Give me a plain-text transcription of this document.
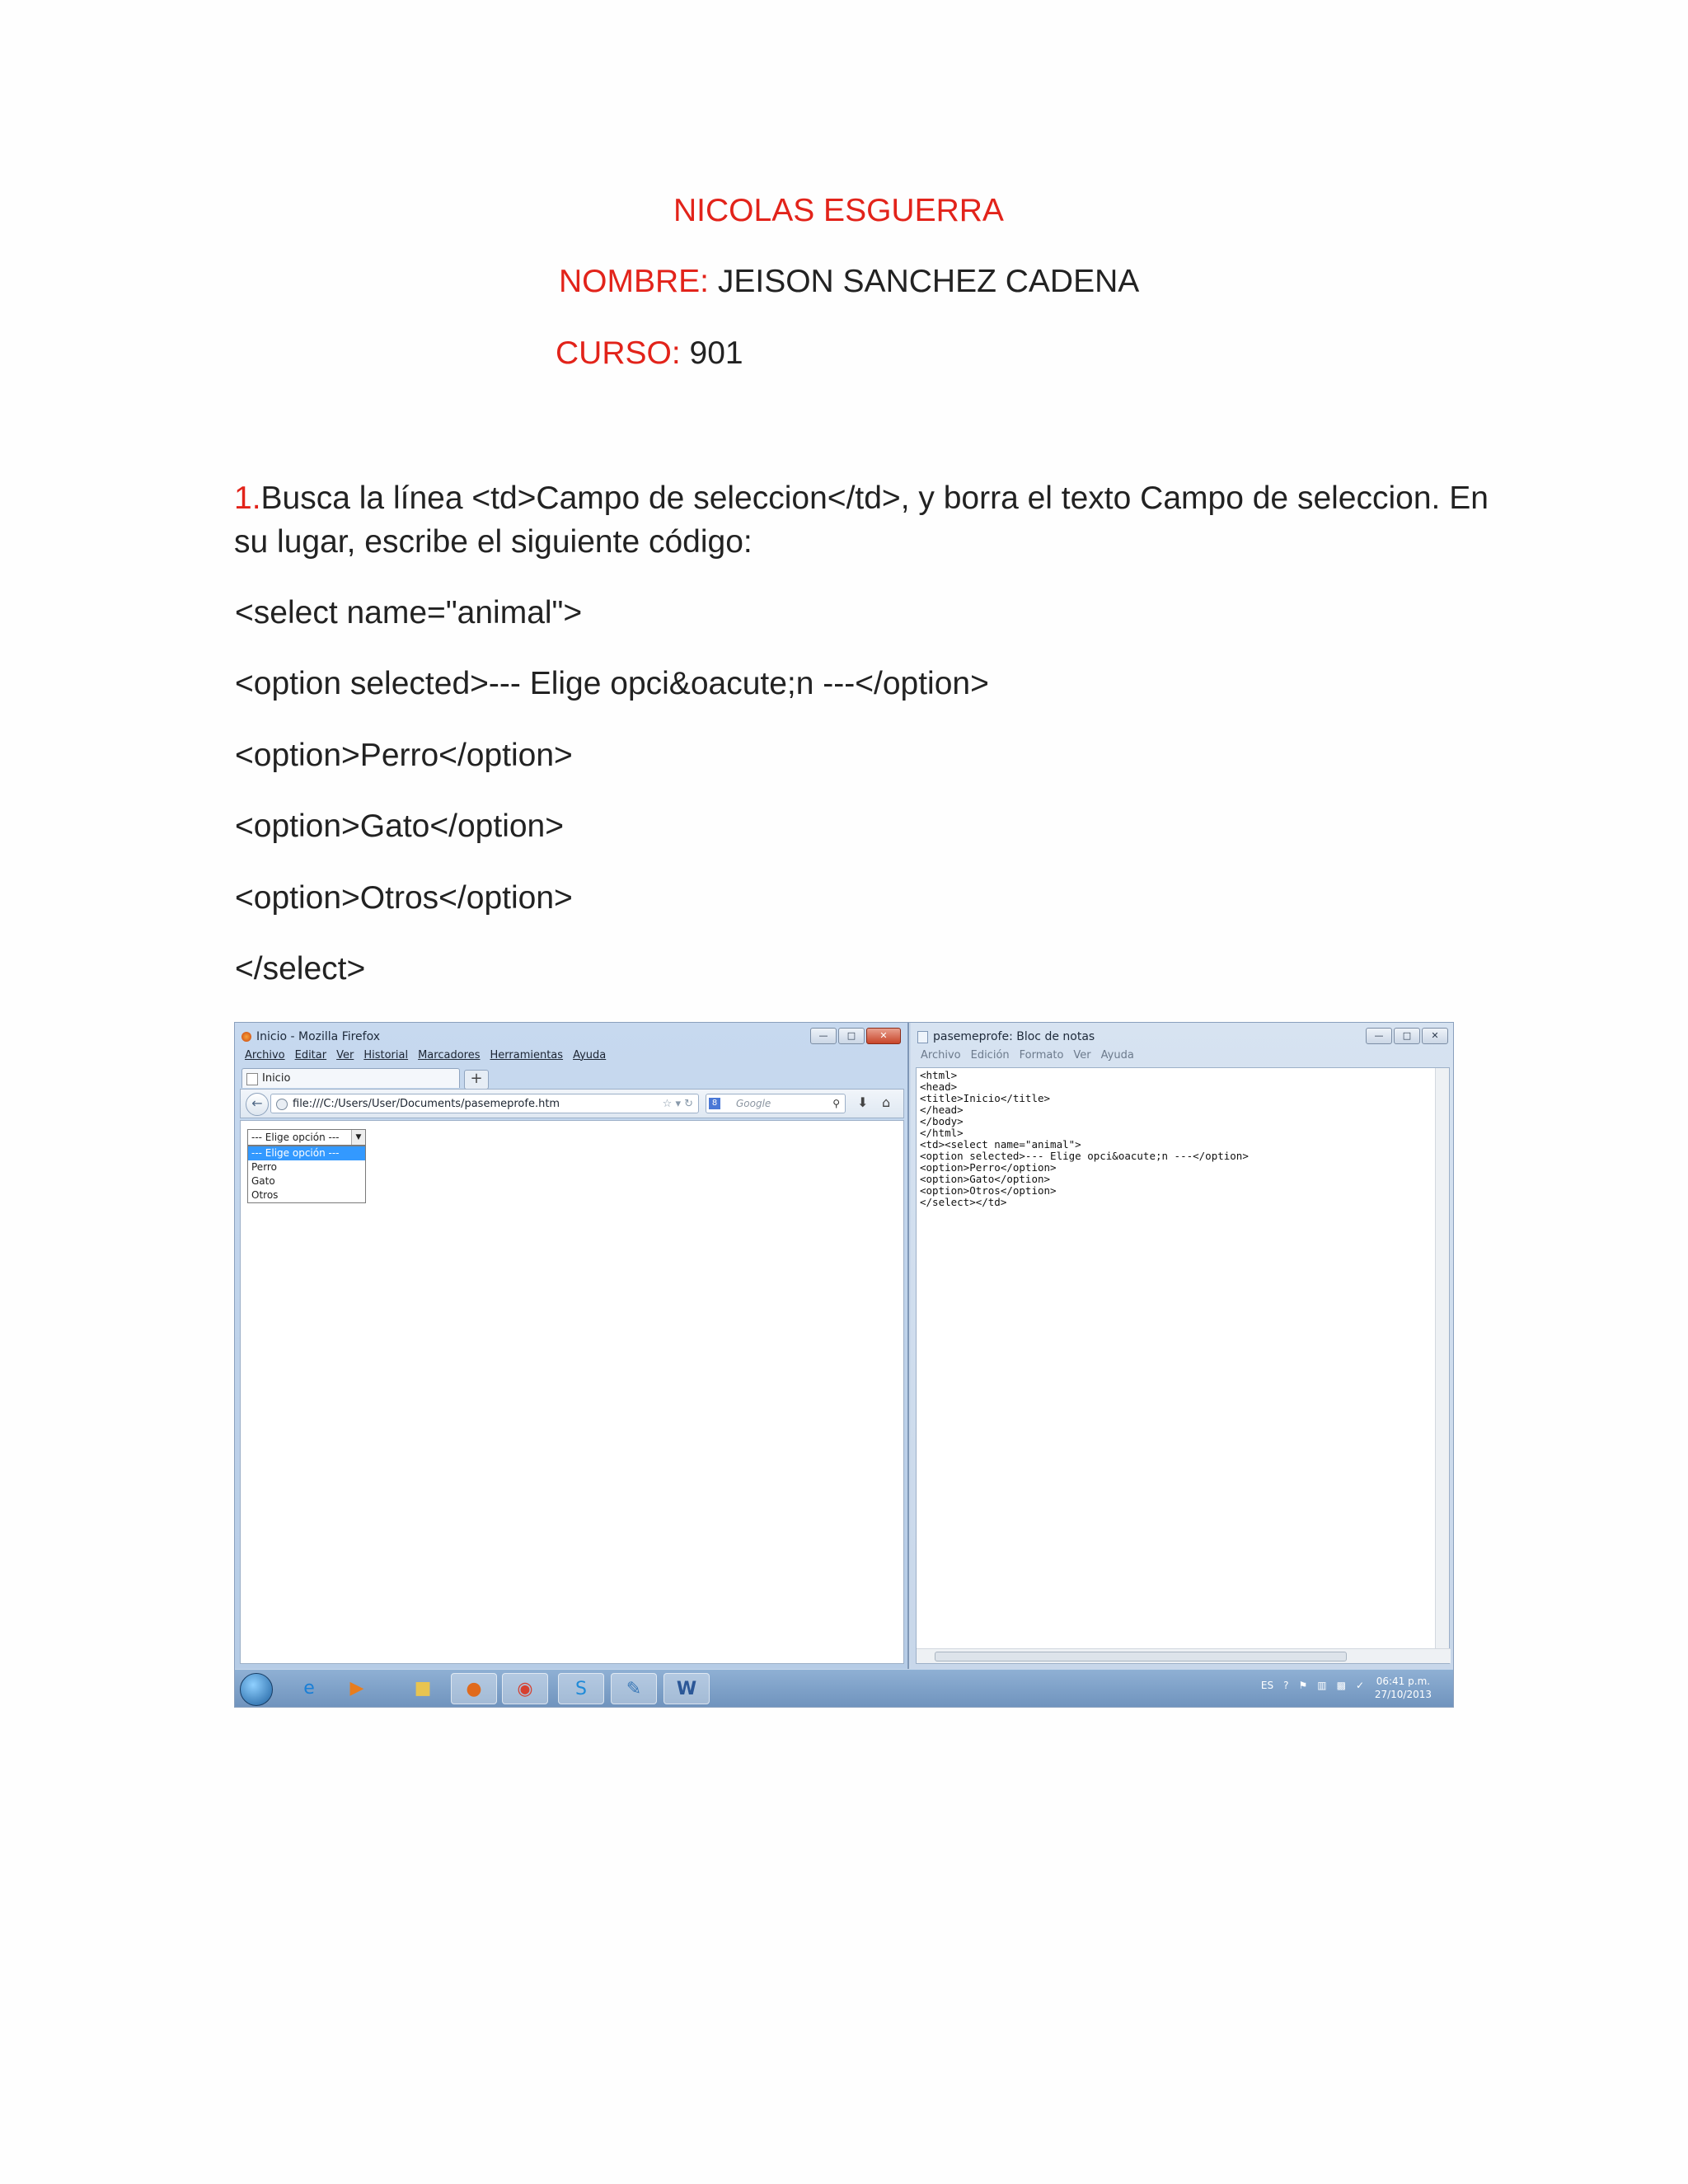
NICOLAS ESGUERRA
NOMBRE: JEISON SANCHEZ CADENA
CURSO: 901
1.Busca la línea <td>Campo de seleccion</td>, y borra el texto Campo de seleccion. En su lugar, escribe el siguiente código:
<select name="animal">
<option selected>--- Elige opci&oacute;n ---</option>
<option>Perro</option>
<option>Gato</option>
<option>Otros</option>
</select>
Inicio - Mozilla Firefox	—	□	✕
Archivo Editar Ver Historial Marcadores Herramientas Ayuda
Inicio	+
←	file:///C:/Users/User/Documents/pasemeprofe.htm	☆ ▾ ↻	8	Google	⚲ ⬇ ⌂
--- Elige opción ---	▼
--- Elige opción ---
Perro
Gato
Otros
pasemeprofe: Bloc de notas	—	□	✕
Archivo Edición Formato Ver Ayuda
<html>
<head>
<title>Inicio</title>
</head>
</body>
</html>
<td><select name="animal">
<option selected>--- Elige opci&oacute;n ---</option>
<option>Perro</option>
<option>Gato</option>
<option>Otros</option>
</select></td>
e	▶	■	●	◉	S	✎	W	ES ? ⚑ ▥ ▩ ✓ 06:41 p.m.
27/10/2013
